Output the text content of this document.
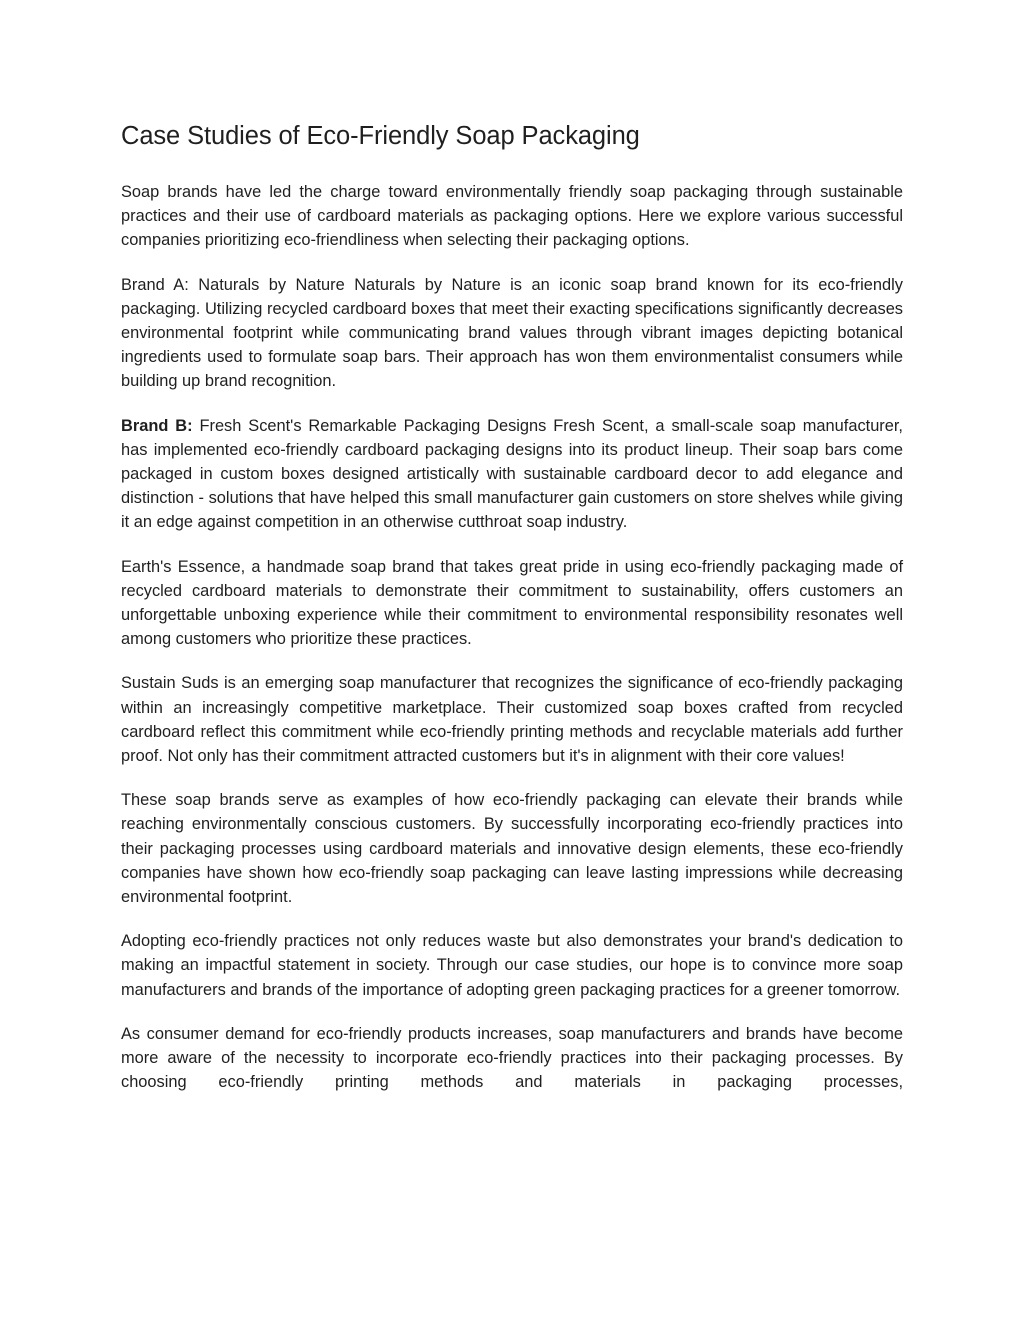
Case Studies of Eco-Friendly Soap Packaging

Soap brands have led the charge toward environmentally friendly soap packaging through sustainable practices and their use of cardboard materials as packaging options. Here we explore various successful companies prioritizing eco-friendliness when selecting their packaging options.

Brand A: Naturals by Nature Naturals by Nature is an iconic soap brand known for its eco-friendly packaging. Utilizing recycled cardboard boxes that meet their exacting specifications significantly decreases environmental footprint while communicating brand values through vibrant images depicting botanical ingredients used to formulate soap bars. Their approach has won them environmentalist consumers while building up brand recognition.

Brand B: Fresh Scent's Remarkable Packaging Designs Fresh Scent, a small-scale soap manufacturer, has implemented eco-friendly cardboard packaging designs into its product lineup. Their soap bars come packaged in custom boxes designed artistically with sustainable cardboard decor to add elegance and distinction - solutions that have helped this small manufacturer gain customers on store shelves while giving it an edge against competition in an otherwise cutthroat soap industry.

Earth's Essence, a handmade soap brand that takes great pride in using eco-friendly packaging made of recycled cardboard materials to demonstrate their commitment to sustainability, offers customers an unforgettable unboxing experience while their commitment to environmental responsibility resonates well among customers who prioritize these practices.

Sustain Suds is an emerging soap manufacturer that recognizes the significance of eco-friendly packaging within an increasingly competitive marketplace. Their customized soap boxes crafted from recycled cardboard reflect this commitment while eco-friendly printing methods and recyclable materials add further proof. Not only has their commitment attracted customers but it's in alignment with their core values!

These soap brands serve as examples of how eco-friendly packaging can elevate their brands while reaching environmentally conscious customers. By successfully incorporating eco-friendly practices into their packaging processes using cardboard materials and innovative design elements, these eco-friendly companies have shown how eco-friendly soap packaging can leave lasting impressions while decreasing environmental footprint.

Adopting eco-friendly practices not only reduces waste but also demonstrates your brand's dedication to making an impactful statement in society. Through our case studies, our hope is to convince more soap manufacturers and brands of the importance of adopting green packaging practices for a greener tomorrow.

As consumer demand for eco-friendly products increases, soap manufacturers and brands have become more aware of the necessity to incorporate eco-friendly practices into their packaging processes. By choosing eco-friendly printing methods and materials in packaging processes,
